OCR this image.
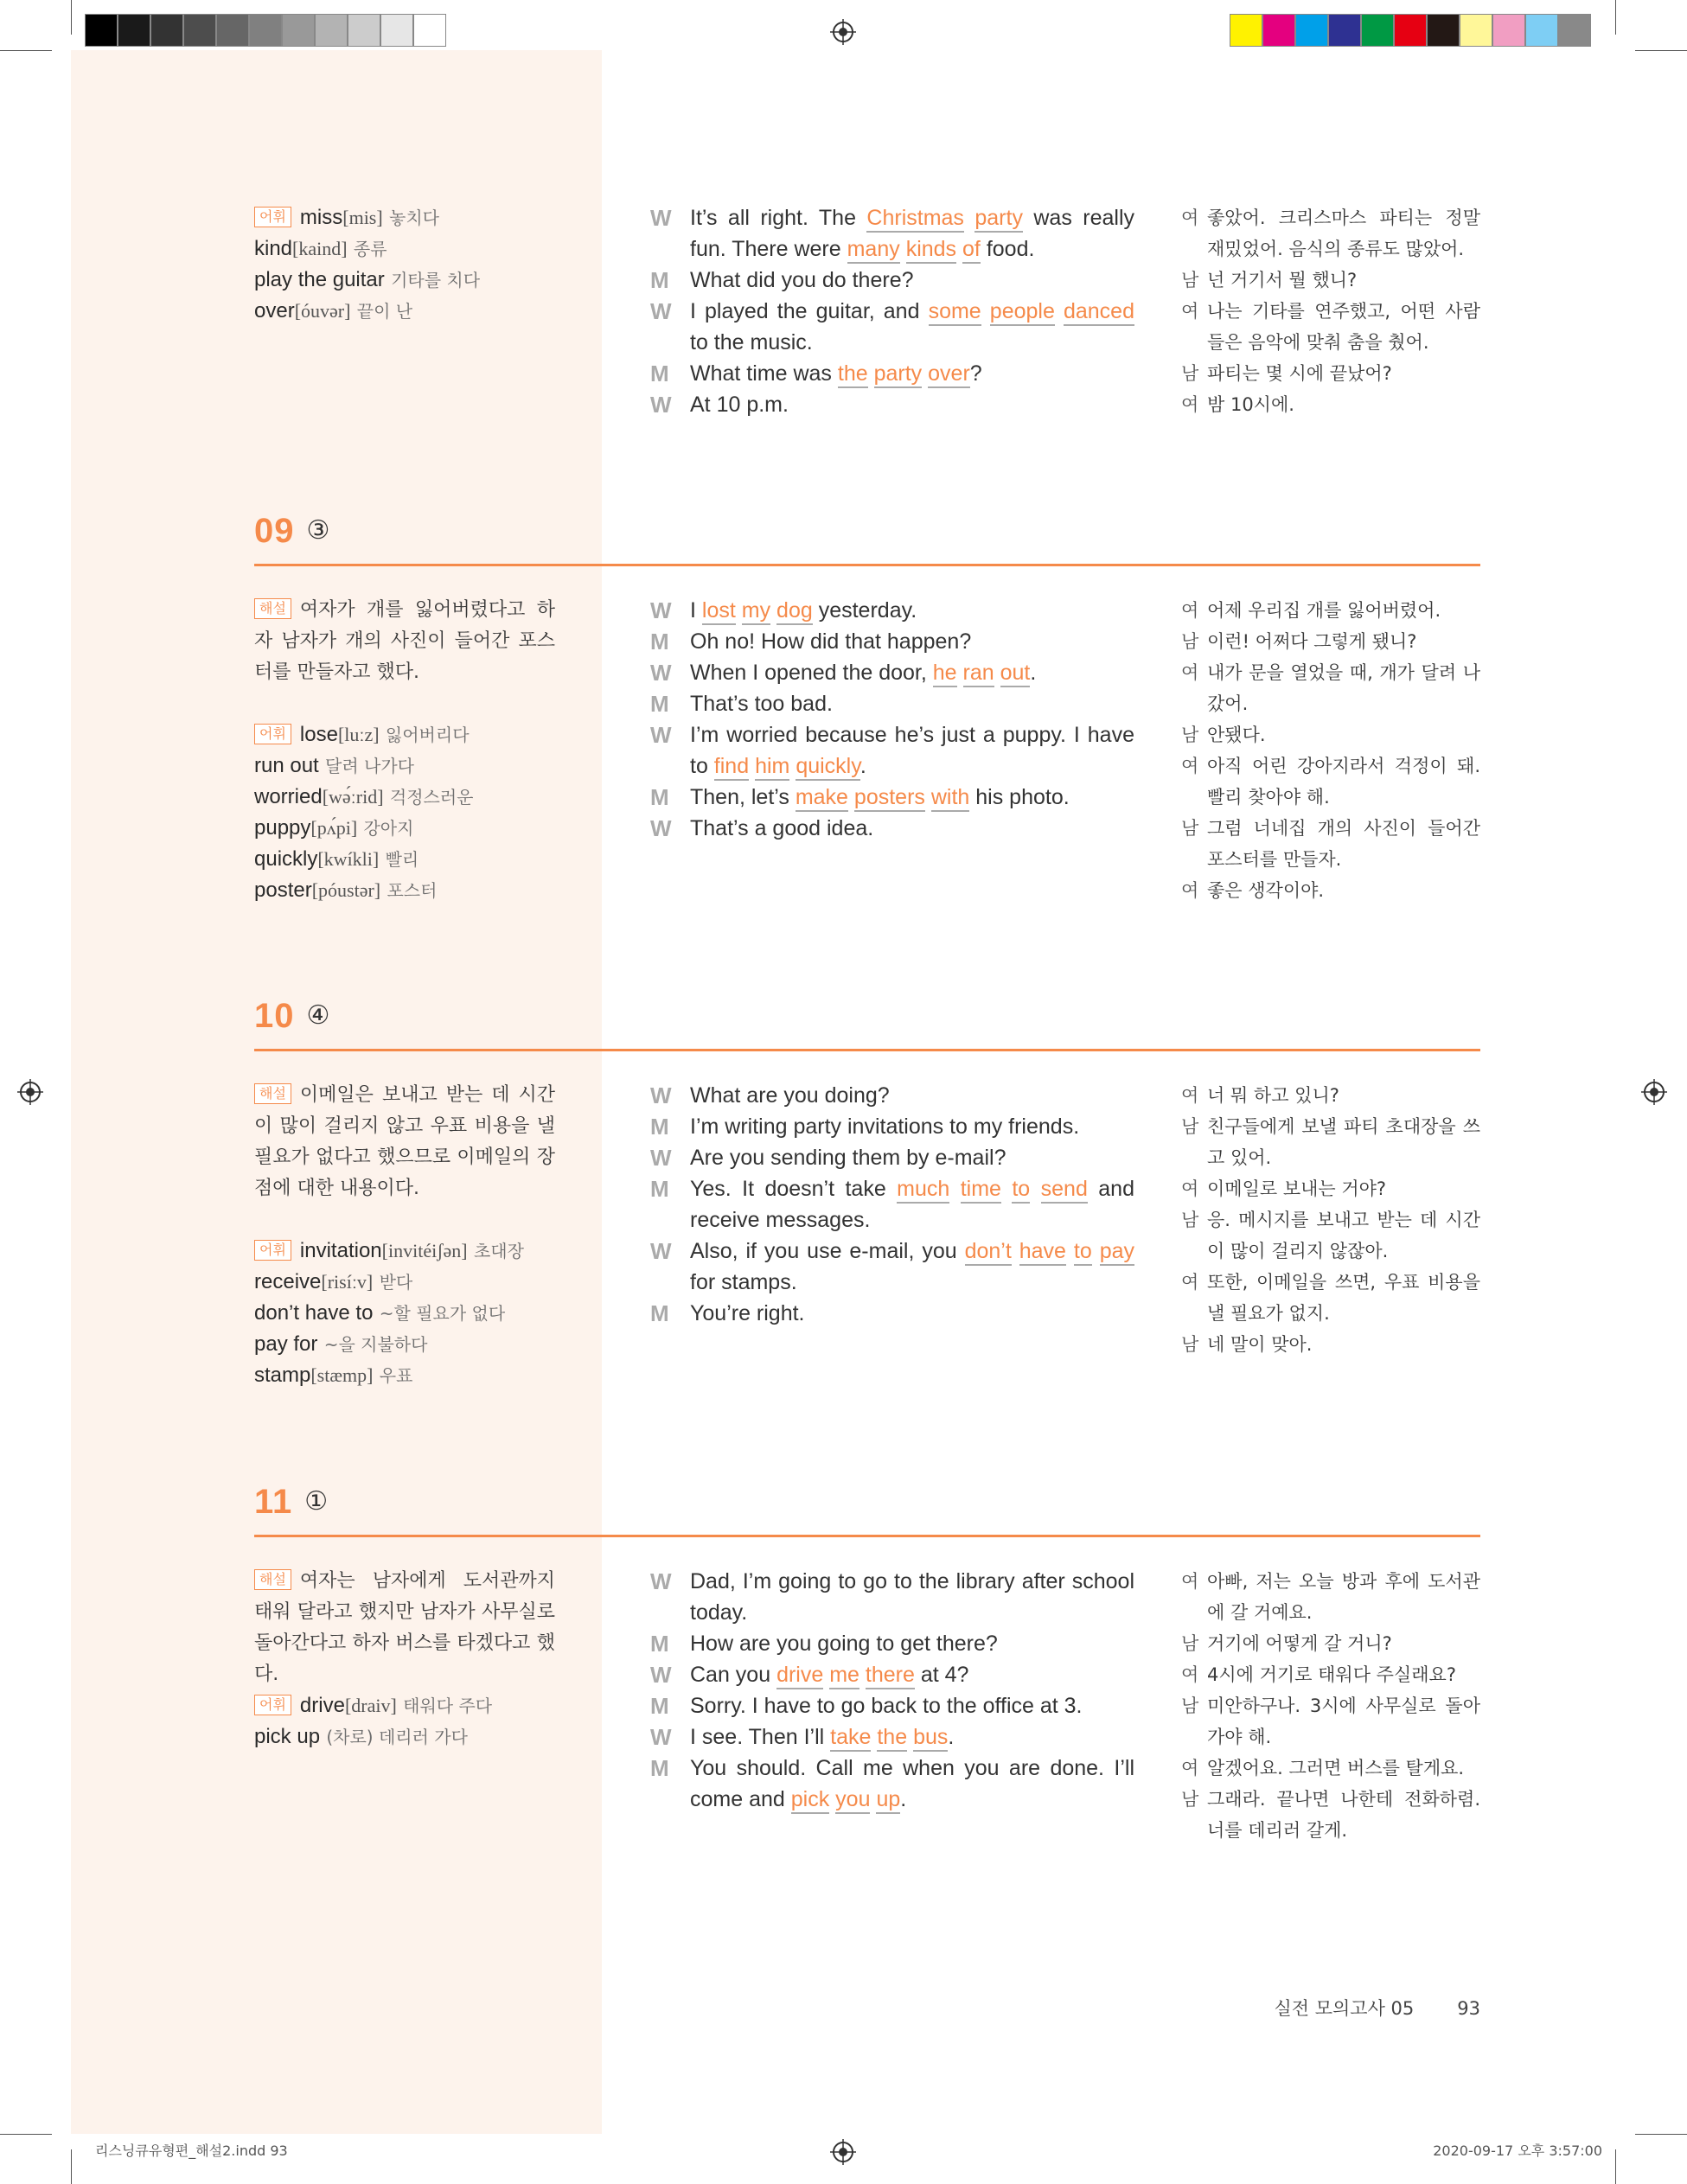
어휘 miss[mis] 놓치다
kind[kaind] 종류
play the guitar 기타를 치다
over[óuvər] 끝이 난
W It’s all right. The Christmas party was really fun. There were many kinds of food.
M What did you do there?
W I played the guitar, and some people danced to the music.
M What time was the party over?
W At 10 p.m.
여 좋았어. 크리스마스 파티는 정말 재밌었어. 음식의 종류도 많았어.
남 넌 거기서 뭘 했니?
여 나는 기타를 연주했고, 어떤 사람들은 음악에 맞춰 춤을 췄어.
남 파티는 몇 시에 끝났어?
여 밤 10시에.
09 ③
해설 여자가 개를 잃어버렸다고 하자 남자가 개의 사진이 들어간 포스터를 만들자고 했다.
어휘 lose[luːz] 잃어버리다
run out 달려 나가다
worried[wə́ːrid] 걱정스러운
puppy[pʌ́pi] 강아지
quickly[kwíkli] 빨리
poster[póustər] 포스터
W I lost my dog yesterday.
M Oh no! How did that happen?
W When I opened the door, he ran out.
M That’s too bad.
W I’m worried because he’s just a puppy. I have to find him quickly.
M Then, let’s make posters with his photo.
W That’s a good idea.
여 어제 우리집 개를 잃어버렸어.
남 이런! 어쩌다 그렇게 됐니?
여 내가 문을 열었을 때, 개가 달려 나갔어.
남 안됐다.
여 아직 어린 강아지라서 걱정이 돼. 빨리 찾아야 해.
남 그럼 너네집 개의 사진이 들어간 포스터를 만들자.
여 좋은 생각이야.
10 ④
해설 이메일은 보내고 받는 데 시간이 많이 걸리지 않고 우표 비용을 낼 필요가 없다고 했으므로 이메일의 장점에 대한 내용이다.
어휘 invitation[invitéiʃən] 초대장
receive[risíːv] 받다
don’t have to ~할 필요가 없다
pay for ~을 지불하다
stamp[stæmp] 우표
W What are you doing?
M I’m writing party invitations to my friends.
W Are you sending them by e-mail?
M Yes. It doesn’t take much time to send and receive messages.
W Also, if you use e-mail, you don’t have to pay for stamps.
M You’re right.
여 너 뭐 하고 있니?
남 친구들에게 보낼 파티 초대장을 쓰고 있어.
여 이메일로 보내는 거야?
남 응. 메시지를 보내고 받는 데 시간이 많이 걸리지 않잖아.
여 또한, 이메일을 쓰면, 우표 비용을 낼 필요가 없지.
남 네 말이 맞아.
11 ①
해설 여자는 남자에게 도서관까지 태워 달라고 했지만 남자가 사무실로 돌아간다고 하자 버스를 타겠다고 했다.
어휘 drive[draiv] 태워다 주다
pick up (차로) 데리러 가다
W Dad, I’m going to go to the library after school today.
M How are you going to get there?
W Can you drive me there at 4?
M Sorry. I have to go back to the office at 3.
W I see. Then I’ll take the bus.
M You should. Call me when you are done. I’ll come and pick you up.
여 아빠, 저는 오늘 방과 후에 도서관에 갈 거예요.
남 거기에 어떻게 갈 거니?
여 4시에 거기로 태워다 주실래요?
남 미안하구나. 3시에 사무실로 돌아가야 해.
여 알겠어요. 그러면 버스를 탈게요.
남 그래라. 끝나면 나한테 전화하렴. 너를 데리러 갈게.
실전 모의고사 05 93
리스닝큐유형편_해설2.indd 93	2020-09-17 오후 3:57:00
